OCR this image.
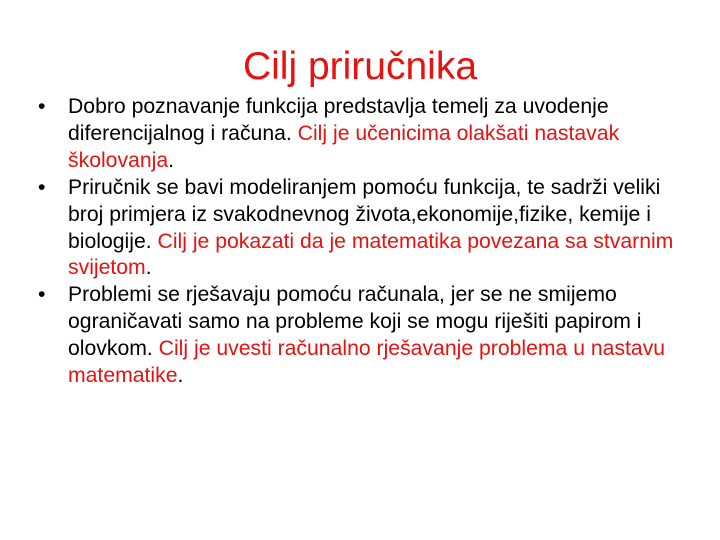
Cilj priručnika
•	Dobro poznavanje funkcija predstavlja temelj za uvodenje diferencijalnog i računa. Cilj je učenicima olakšati nastavak školovanja.
•	Priručnik se bavi modeliranjem pomoću funkcija, te sadrži veliki broj primjera iz svakodnevnog života,ekonomije,fizike, kemije i biologije. Cilj je pokazati da je matematika povezana sa stvarnim svijetom.
•	Problemi se rješavaju pomoću računala, jer se ne smijemo ograničavati samo na probleme koji se mogu riješiti papirom i olovkom. Cilj je uvesti računalno rješavanje problema u nastavu matematike.
